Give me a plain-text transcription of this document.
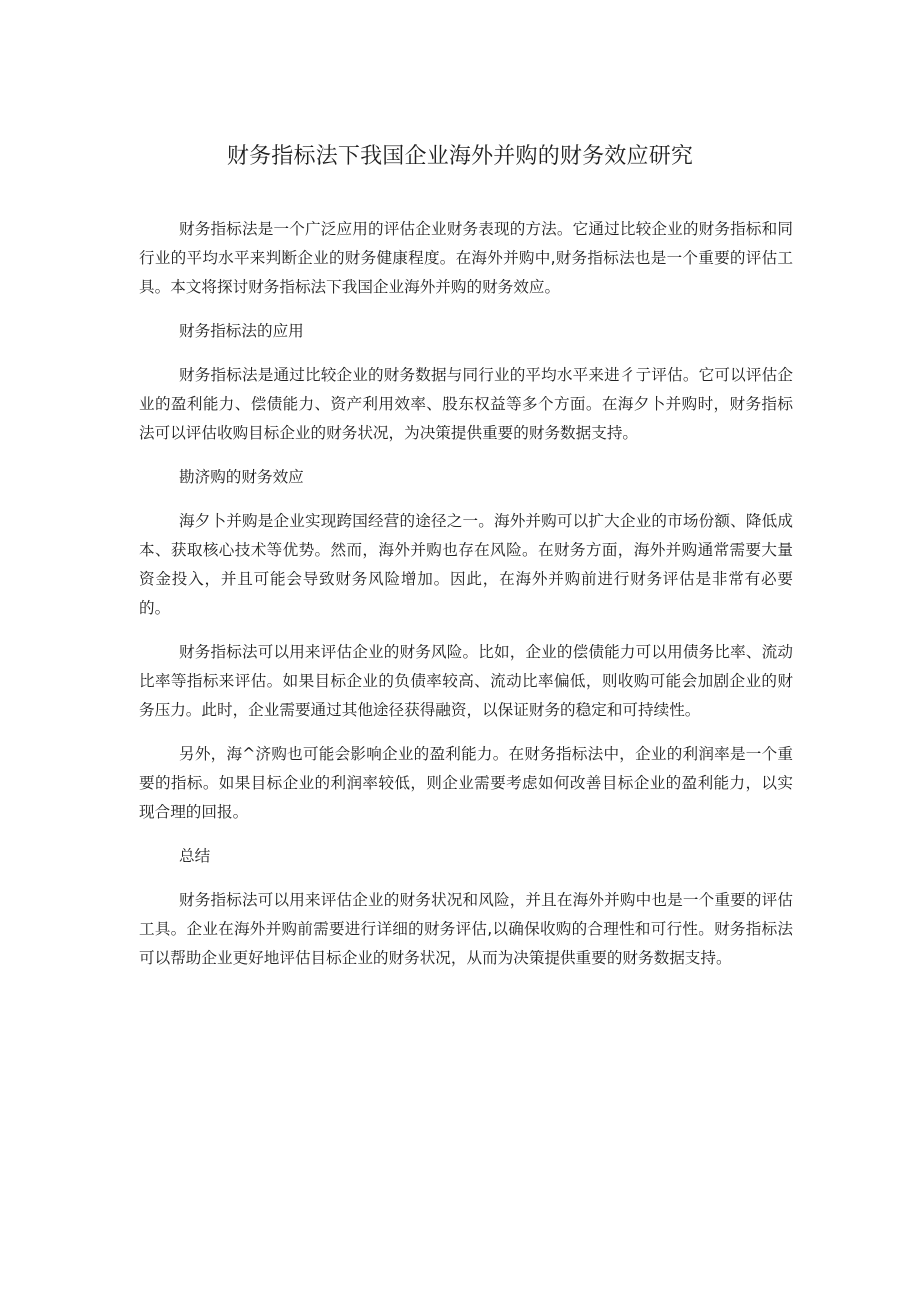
财务指标法下我国企业海外并购的财务效应研究

财务指标法是一个广泛应用的评估企业财务表现的方法。它通过比较企业的财务指标和同行业的平均水平来判断企业的财务健康程度。在海外并购中,财务指标法也是一个重要的评估工具。本文将探讨财务指标法下我国企业海外并购的财务效应。

财务指标法的应用

财务指标法是通过比较企业的财务数据与同行业的平均水平来进彳亍评估。它可以评估企业的盈利能力、偿债能力、资产利用效率、股东权益等多个方面。在海夕卜并购时，财务指标法可以评估收购目标企业的财务状况，为决策提供重要的财务数据支持。

勘济购的财务效应

海夕卜并购是企业实现跨国经营的途径之一。海外并购可以扩大企业的市场份额、降低成本、获取核心技术等优势。然而，海外并购也存在风险。在财务方面，海外并购通常需要大量资金投入，并且可能会导致财务风险增加。因此，在海外并购前进行财务评估是非常有必要的。

财务指标法可以用来评估企业的财务风险。比如，企业的偿债能力可以用债务比率、流动比率等指标来评估。如果目标企业的负债率较高、流动比率偏低，则收购可能会加剧企业的财务压力。此时，企业需要通过其他途径获得融资，以保证财务的稳定和可持续性。

另外，海^济购也可能会影响企业的盈利能力。在财务指标法中，企业的利润率是一个重要的指标。如果目标企业的利润率较低，则企业需要考虑如何改善目标企业的盈利能力，以实现合理的回报。

总结

财务指标法可以用来评估企业的财务状况和风险，并且在海外并购中也是一个重要的评估工具。企业在海外并购前需要进行详细的财务评估,以确保收购的合理性和可行性。财务指标法可以帮助企业更好地评估目标企业的财务状况，从而为决策提供重要的财务数据支持。
